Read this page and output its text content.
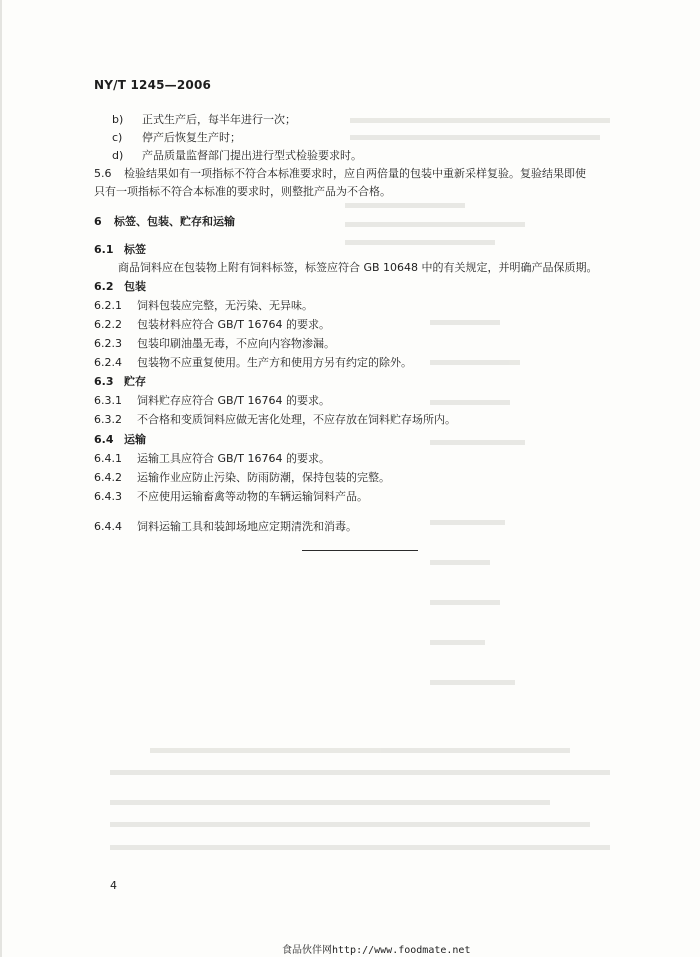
NY/T 1245—2006
b) 正式生产后，每半年进行一次；
c) 停产后恢复生产时；
d) 产品质量监督部门提出进行型式检验要求时。
5.6 检验结果如有一项指标不符合本标准要求时，应自两倍量的包装中重新采样复验。复验结果即使
只有一项指标不符合本标准的要求时，则整批产品为不合格。
6 标签、包装、贮存和运输
6.1 标签
商品饲料应在包装物上附有饲料标签，标签应符合 GB 10648 中的有关规定，并明确产品保质期。
6.2 包装
6.2.1 饲料包装应完整，无污染、无异味。
6.2.2 包装材料应符合 GB/T 16764 的要求。
6.2.3 包装印刷油墨无毒，不应向内容物渗漏。
6.2.4 包装物不应重复使用。生产方和使用方另有约定的除外。
6.3 贮存
6.3.1 饲料贮存应符合 GB/T 16764 的要求。
6.3.2 不合格和变质饲料应做无害化处理，不应存放在饲料贮存场所内。
6.4 运输
6.4.1 运输工具应符合 GB/T 16764 的要求。
6.4.2 运输作业应防止污染、防雨防潮，保持包装的完整。
6.4.3 不应使用运输畜禽等动物的车辆运输饲料产品。
6.4.4 饲料运输工具和装卸场地应定期清洗和消毒。
4
食品伙伴网http://www.foodmate.net
